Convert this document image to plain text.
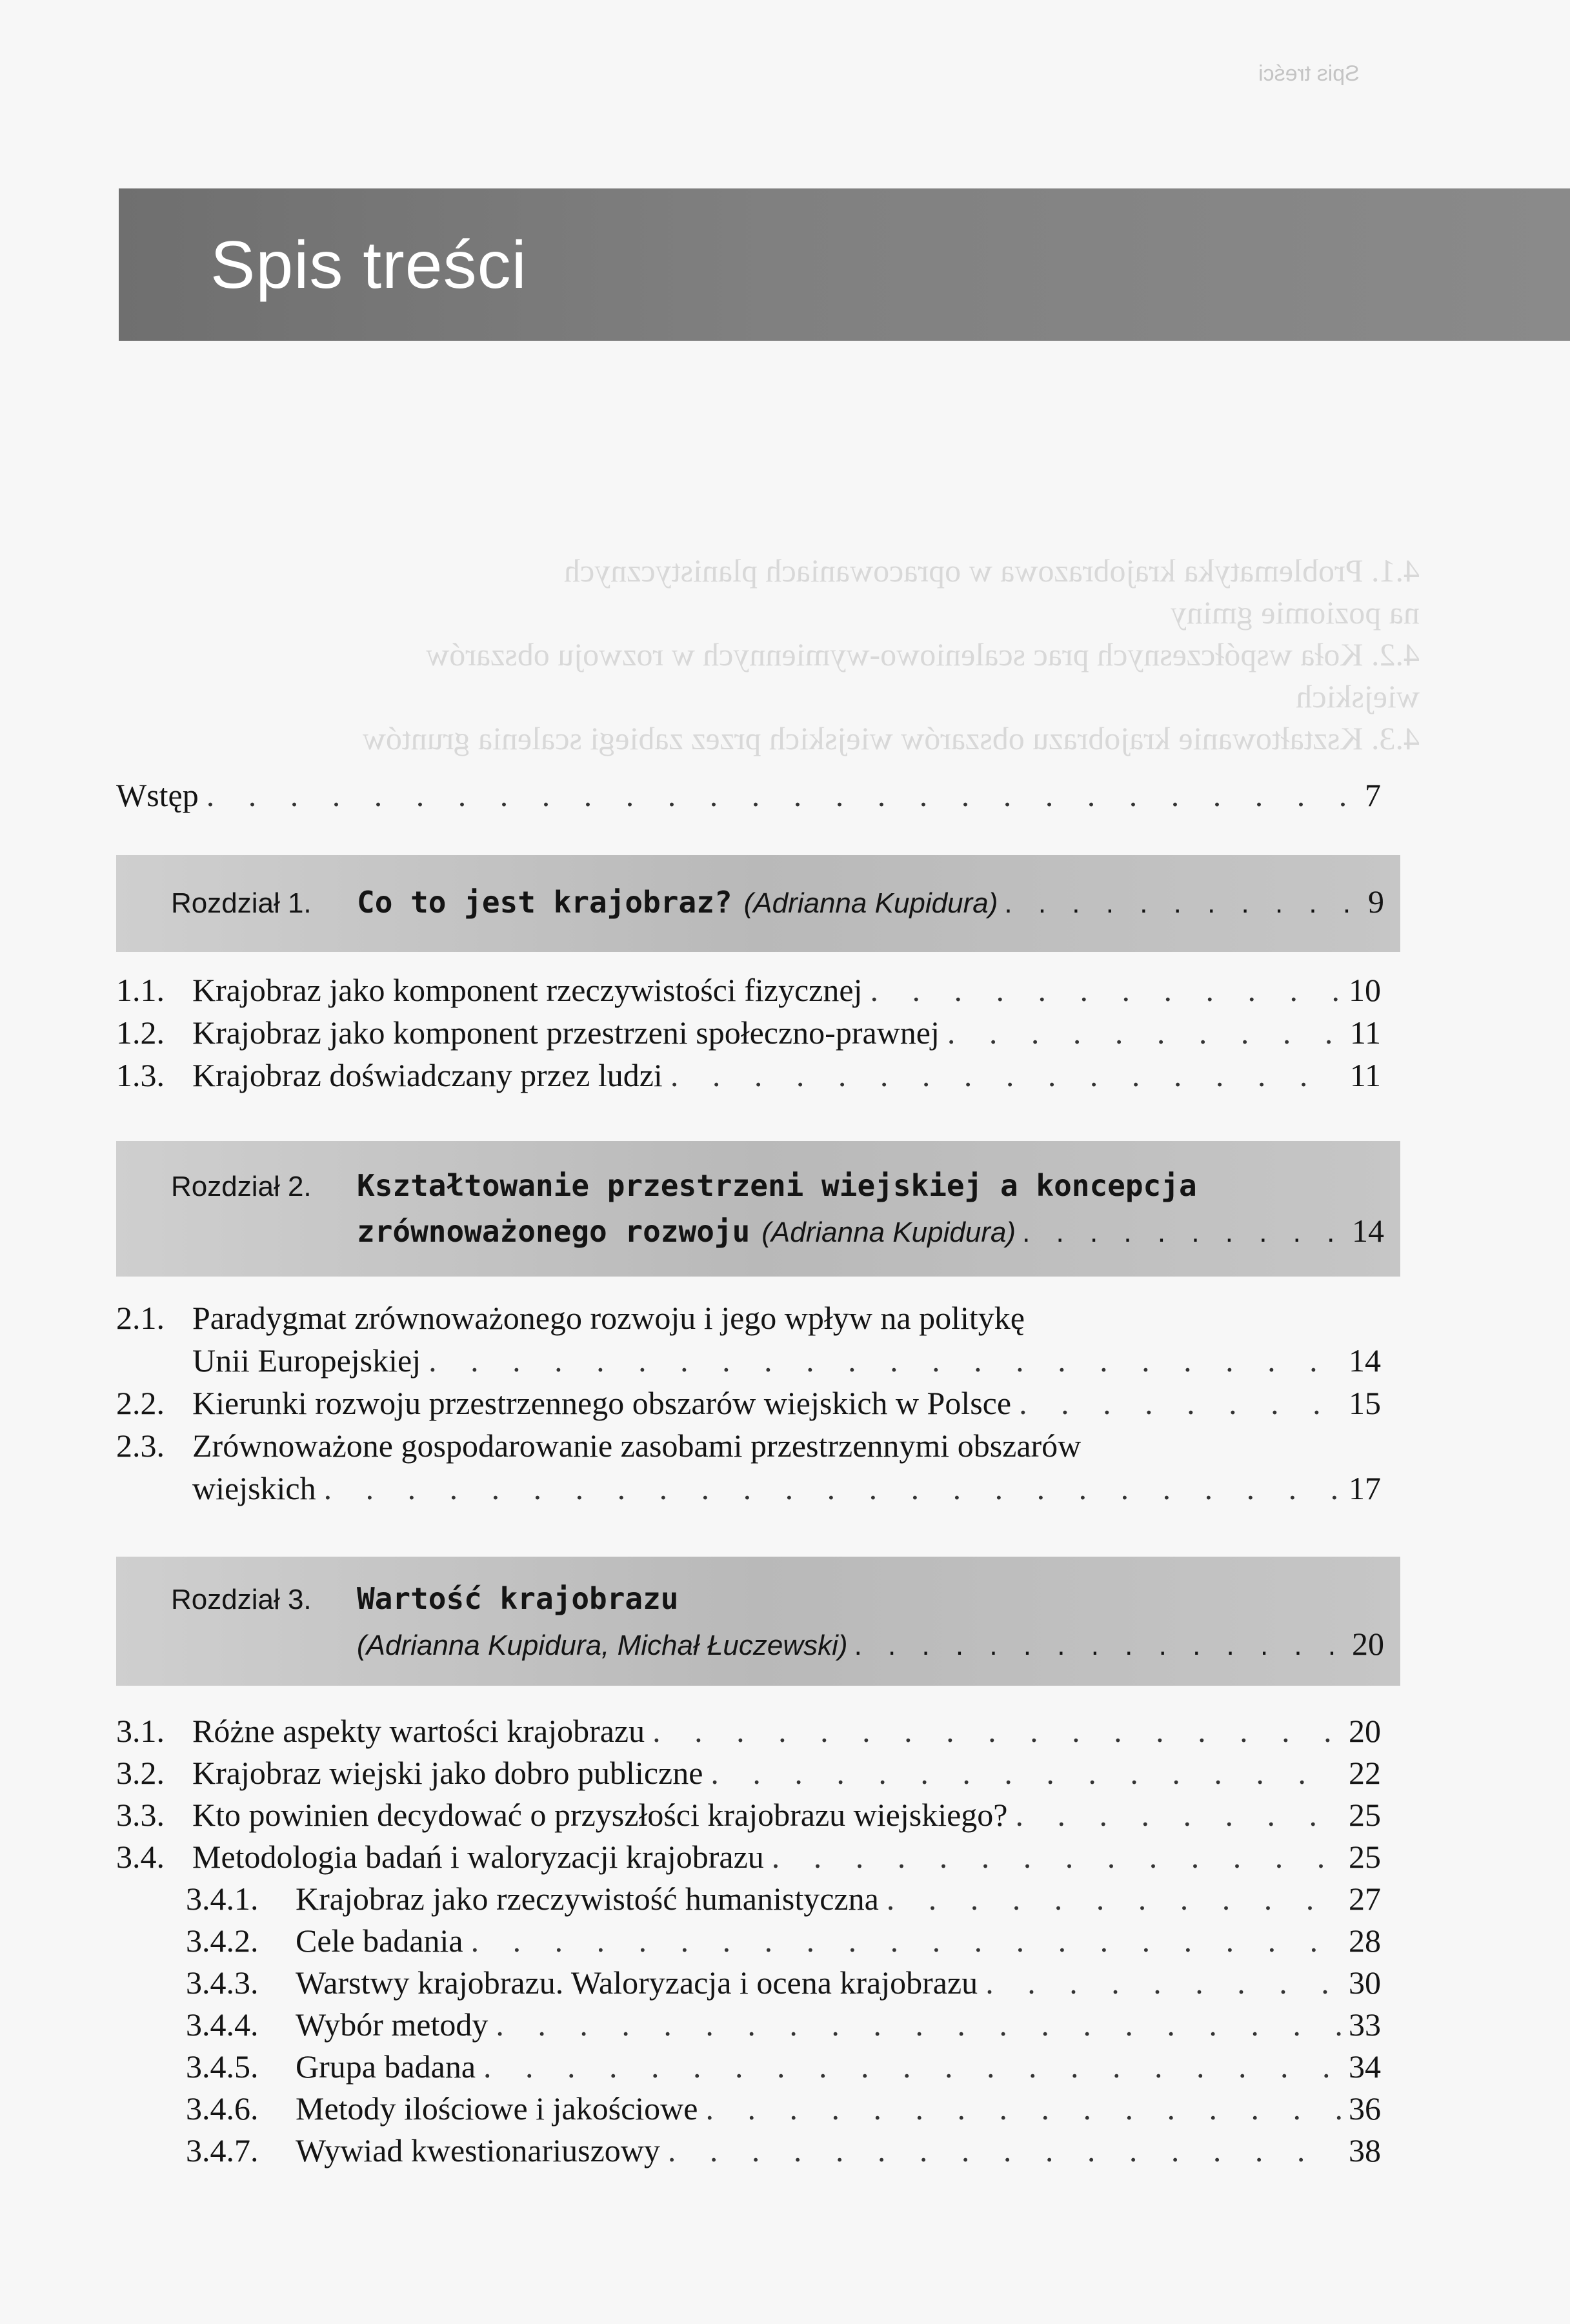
Spis treści
4.1. Problematyka krajobrazowa w opracowaniach planistycznych
na poziomie gminy
4.2. Koła współczesnych prac scaleniowo-wymiennych w rozwoju obszarów
wiejskich
4.3. Kształtowanie krajobrazu obszarów wiejskich przez zabiegi scalenia gruntów
Spis treści
Wstęp . . .	7
Rozdział 1.	Co to jest krajobraz? (Adrianna Kupidura) . . .	9
1.1. Krajobraz jako komponent rzeczywistości fizycznej . . .	10
1.2. Krajobraz jako komponent przestrzeni społeczno-prawnej . . .	11
1.3. Krajobraz doświadczany przez ludzi . . .	11
Rozdział 2.	Kształtowanie przestrzeni wiejskiej a koncepcja
zrównoważonego rozwoju (Adrianna Kupidura) . . .	14
2.1. Paradygmat zrównoważonego rozwoju i jego wpływ na politykę
Unii Europejskiej . . .	14
2.2. Kierunki rozwoju przestrzennego obszarów wiejskich w Polsce . . .	15
2.3. Zrównoważone gospodarowanie zasobami przestrzennymi obszarów
wiejskich . . .	17
Rozdział 3.	Wartość krajobrazu
(Adrianna Kupidura, Michał Łuczewski) . . .	20
3.1. Różne aspekty wartości krajobrazu . . .	20
3.2. Krajobraz wiejski jako dobro publiczne . . .	22
3.3. Kto powinien decydować o przyszłości krajobrazu wiejskiego? . . .	25
3.4. Metodologia badań i waloryzacji krajobrazu . . .	25
3.4.1.	Krajobraz jako rzeczywistość humanistyczna . . .	27
3.4.2.	Cele badania . . .	28
3.4.3.	Warstwy krajobrazu. Waloryzacja i ocena krajobrazu . . .	30
3.4.4.	Wybór metody . . .	33
3.4.5.	Grupa badana . . .	34
3.4.6.	Metody ilościowe i jakościowe . . .	36
3.4.7.	Wywiad kwestionariuszowy . . .	38
